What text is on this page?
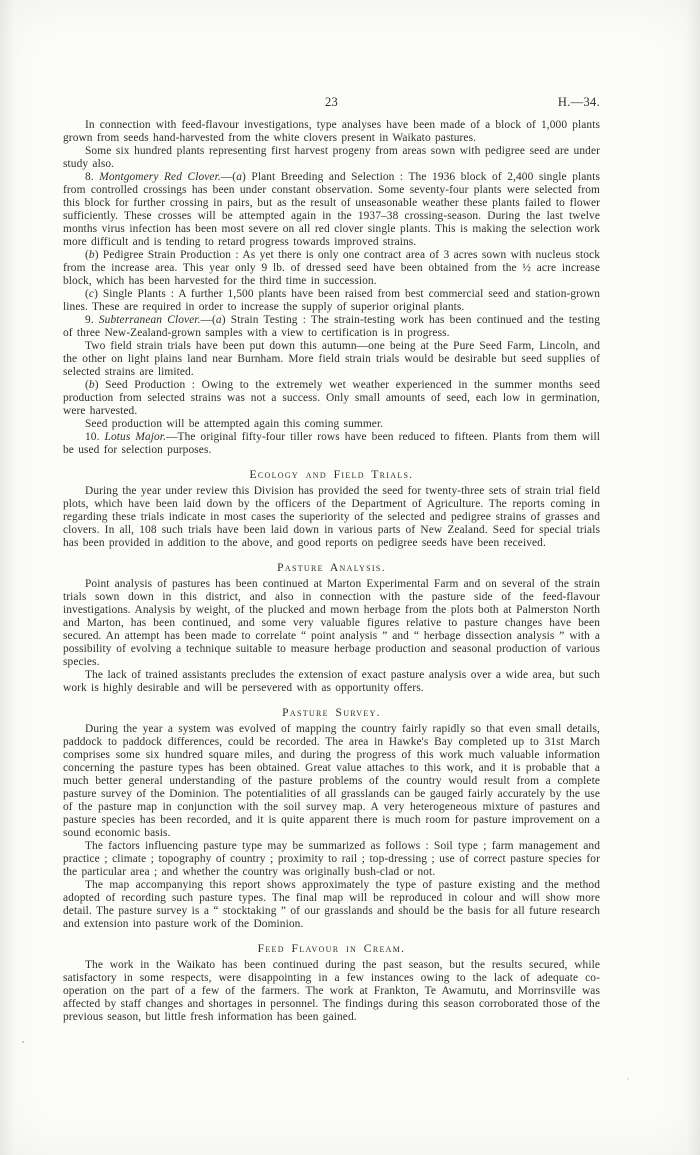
23	H.—34.
In connection with feed-flavour investigations, type analyses have been made of a block of 1,000 plants grown from seeds hand-harvested from the white clovers present in Waikato pastures.
Some six hundred plants representing first harvest progeny from areas sown with pedigree seed are under study also.
8. Montgomery Red Clover.—(a) Plant Breeding and Selection : The 1936 block of 2,400 single plants from controlled crossings has been under constant observation. Some seventy-four plants were selected from this block for further crossing in pairs, but as the result of unseasonable weather these plants failed to flower sufficiently. These crosses will be attempted again in the 1937–38 crossing-season. During the last twelve months virus infection has been most severe on all red clover single plants. This is making the selection work more difficult and is tending to retard progress towards improved strains.
(b) Pedigree Strain Production : As yet there is only one contract area of 3 acres sown with nucleus stock from the increase area. This year only 9 lb. of dressed seed have been obtained from the ½ acre increase block, which has been harvested for the third time in succession.
(c) Single Plants : A further 1,500 plants have been raised from best commercial seed and station-grown lines. These are required in order to increase the supply of superior original plants.
9. Subterranean Clover.—(a) Strain Testing : The strain-testing work has been continued and the testing of three New-Zealand-grown samples with a view to certification is in progress.
Two field strain trials have been put down this autumn—one being at the Pure Seed Farm, Lincoln, and the other on light plains land near Burnham. More field strain trials would be desirable but seed supplies of selected strains are limited.
(b) Seed Production : Owing to the extremely wet weather experienced in the summer months seed production from selected strains was not a success. Only small amounts of seed, each low in germination, were harvested.
Seed production will be attempted again this coming summer.
10. Lotus Major.—The original fifty-four tiller rows have been reduced to fifteen. Plants from them will be used for selection purposes.
Ecology and Field Trials.
During the year under review this Division has provided the seed for twenty-three sets of strain trial field plots, which have been laid down by the officers of the Department of Agriculture. The reports coming in regarding these trials indicate in most cases the superiority of the selected and pedigree strains of grasses and clovers. In all, 108 such trials have been laid down in various parts of New Zealand. Seed for special trials has been provided in addition to the above, and good reports on pedigree seeds have been received.
Pasture Analysis.
Point analysis of pastures has been continued at Marton Experimental Farm and on several of the strain trials sown down in this district, and also in connection with the pasture side of the feed-flavour investigations. Analysis by weight, of the plucked and mown herbage from the plots both at Palmerston North and Marton, has been continued, and some very valuable figures relative to pasture changes have been secured. An attempt has been made to correlate “ point analysis ” and “ herbage dissection analysis ” with a possibility of evolving a technique suitable to measure herbage production and seasonal production of various species.
The lack of trained assistants precludes the extension of exact pasture analysis over a wide area, but such work is highly desirable and will be persevered with as opportunity offers.
Pasture Survey.
During the year a system was evolved of mapping the country fairly rapidly so that even small details, paddock to paddock differences, could be recorded. The area in Hawke's Bay completed up to 31st March comprises some six hundred square miles, and during the progress of this work much valuable information concerning the pasture types has been obtained. Great value attaches to this work, and it is probable that a much better general understanding of the pasture problems of the country would result from a complete pasture survey of the Dominion. The potentialities of all grasslands can be gauged fairly accurately by the use of the pasture map in conjunction with the soil survey map. A very heterogeneous mixture of pastures and pasture species has been recorded, and it is quite apparent there is much room for pasture improvement on a sound economic basis.
The factors influencing pasture type may be summarized as follows : Soil type ; farm management and practice ; climate ; topography of country ; proximity to rail ; top-dressing ; use of correct pasture species for the particular area ; and whether the country was originally bush-clad or not.
The map accompanying this report shows approximately the type of pasture existing and the method adopted of recording such pasture types. The final map will be reproduced in colour and will show more detail. The pasture survey is a “ stocktaking ” of our grasslands and should be the basis for all future research and extension into pasture work of the Dominion.
Feed Flavour in Cream.
The work in the Waikato has been continued during the past season, but the results secured, while satisfactory in some respects, were disappointing in a few instances owing to the lack of adequate co-operation on the part of a few of the farmers. The work at Frankton, Te Awamutu, and Morrinsville was affected by staff changes and shortages in personnel. The findings during this season corroborated those of the previous season, but little fresh information has been gained.
